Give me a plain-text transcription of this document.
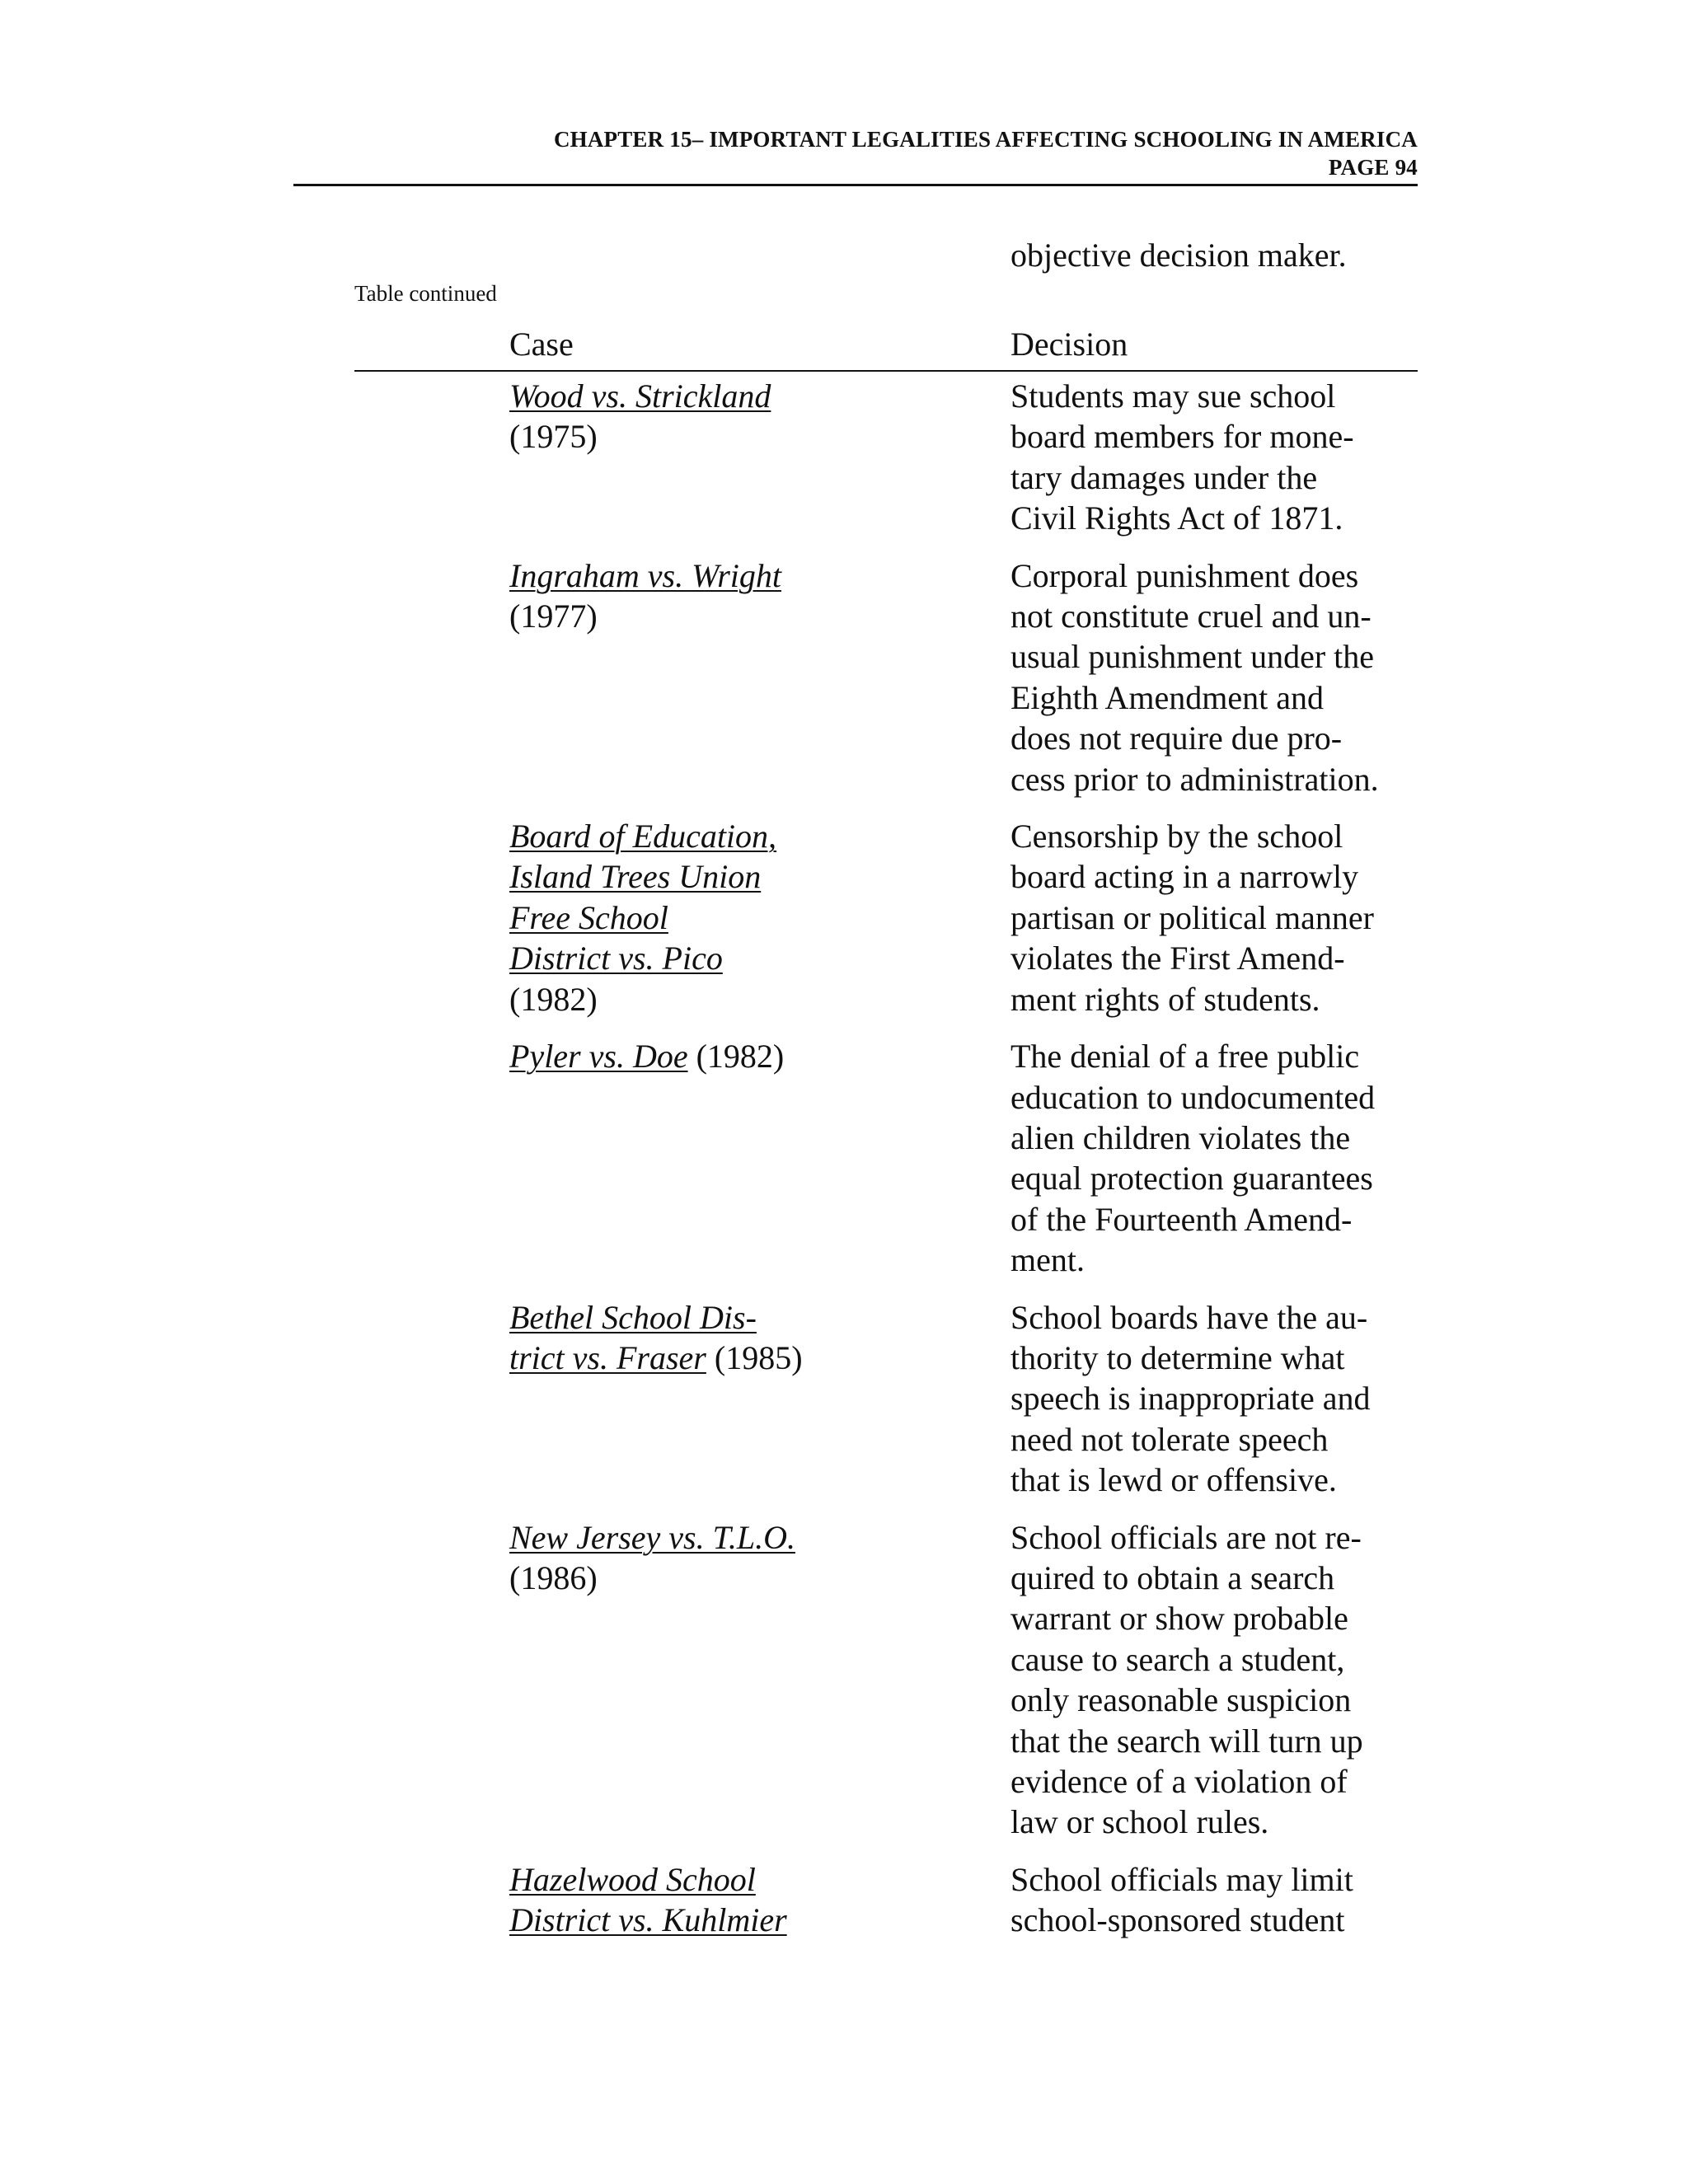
CHAPTER 15– IMPORTANT LEGALITIES AFFECTING SCHOOLING IN AMERICA
PAGE 94
objective decision maker.
Table continued
Case	Decision
Wood vs. Strickland
(1975)
Students may sue school
board members for mone-
tary damages under the
Civil Rights Act of 1871.
Ingraham vs. Wright
(1977)
Corporal punishment does
not constitute cruel and un-
usual punishment under the
Eighth Amendment and
does not require due pro-
cess prior to administration.
Board of Education,
Island Trees Union
Free School
District vs. Pico
(1982)
Censorship by the school
board acting in a narrowly
partisan or political manner
violates the First Amend-
ment rights of students.
Pyler vs. Doe (1982)	The denial of a free public
education to undocumented
alien children violates the
equal protection guarantees
of the Fourteenth Amend-
ment.
Bethel School Dis-
trict vs. Fraser (1985)
School boards have the au-
thority to determine what
speech is inappropriate and
need not tolerate speech
that is lewd or offensive.
New Jersey vs. T.L.O.
(1986)
School officials are not re-
quired to obtain a search
warrant or show probable
cause to search a student,
only reasonable suspicion
that the search will turn up
evidence of a violation of
law or school rules.
Hazelwood School
District vs. Kuhlmier
School officials may limit
school-sponsored student
